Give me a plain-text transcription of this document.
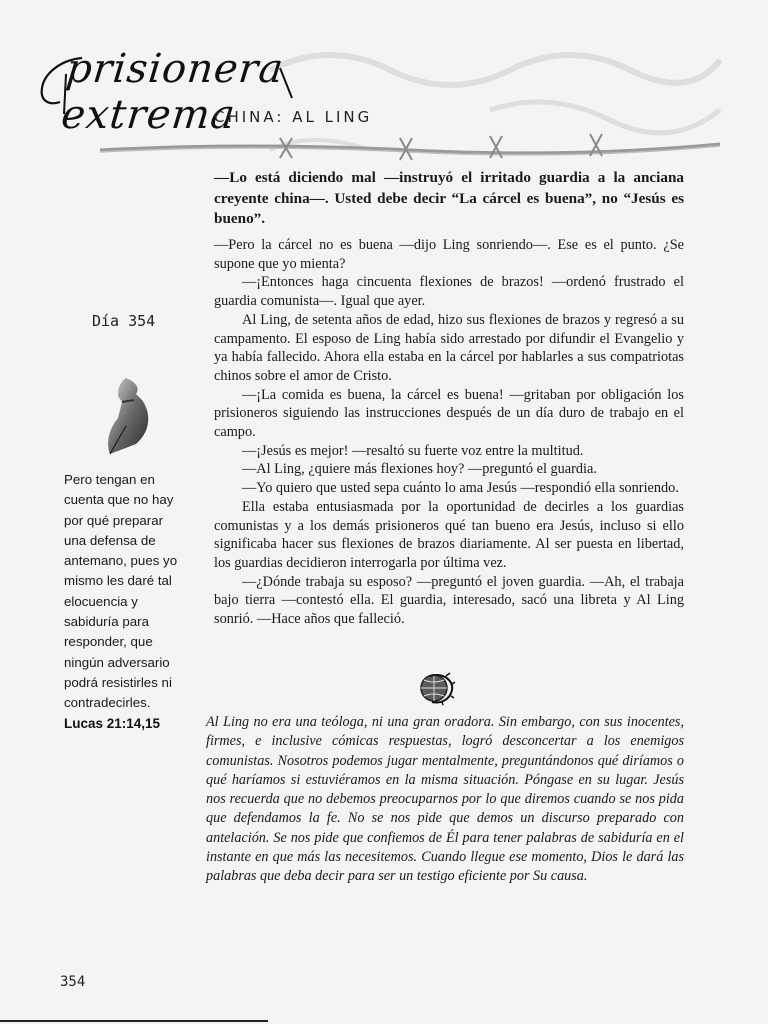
prisionera extrema
CHINA: AL LING

—Lo está diciendo mal —instruyó el irritado guardia a la anciana creyente china—. Usted debe decir “La cárcel es buena”, no “Jesús es bueno”.

—Pero la cárcel no es buena —dijo Ling sonriendo—. Ese es el punto. ¿Se supone que yo mienta?

—¡Entonces haga cincuenta flexiones de brazos! —ordenó frustrado el guardia comunista—. Igual que ayer.

Al Ling, de setenta años de edad, hizo sus flexiones de brazos y regresó a su campamento. El esposo de Ling había sido arrestado por difundir el Evangelio y ya había fallecido. Ahora ella estaba en la cárcel por hablarles a sus compatriotas chinos sobre el amor de Cristo.

—¡La comida es buena, la cárcel es buena! —gritaban por obligación los prisioneros siguiendo las instrucciones después de un día duro de trabajo en el campo.

—¡Jesús es mejor! —resaltó su fuerte voz entre la multitud.

—Al Ling, ¿quiere más flexiones hoy? —preguntó el guardia.

—Yo quiero que usted sepa cuánto lo ama Jesús —respondió ella sonriendo.

Ella estaba entusiasmada por la oportunidad de decirles a los guardias comunistas y a los demás prisioneros qué tan bueno era Jesús, incluso si ello significaba hacer sus flexiones de brazos diariamente. Al ser puesta en libertad, los guardias decidieron interrogarla por última vez.

—¿Dónde trabaja su esposo? —preguntó el joven guardia. —Ah, el trabaja bajo tierra —contestó ella. El guardia, interesado, sacó una libreta y Al Ling sonrió. —Hace años que falleció.

Día 354

Pero tengan en cuenta que no hay por qué preparar una defensa de antemano, pues yo mismo les daré tal elocuencia y sabiduría para responder, que ningún adversario podrá resistirles ni contradecirles.

Lucas 21:14,15	Al Ling no era una teóloga, ni una gran oradora. Sin embargo, con sus inocentes, firmes, e inclusive cómicas respuestas, logró desconcertar a los enemigos comunistas. Nosotros podemos jugar mentalmente, preguntándonos qué diríamos o qué haríamos si estuviéramos en la misma situación. Póngase en su lugar. Jesús nos recuerda que no debemos preocuparnos por lo que diremos cuando se nos pida que defendamos la fe. No se nos pide que demos un discurso preparado con antelación. Se nos pide que confiemos de Él para tener palabras de sabiduría en el instante en que más las necesitemos. Cuando llegue ese momento, Dios le dará las palabras que deba decir para ser un testigo eficiente por Su causa.

354
